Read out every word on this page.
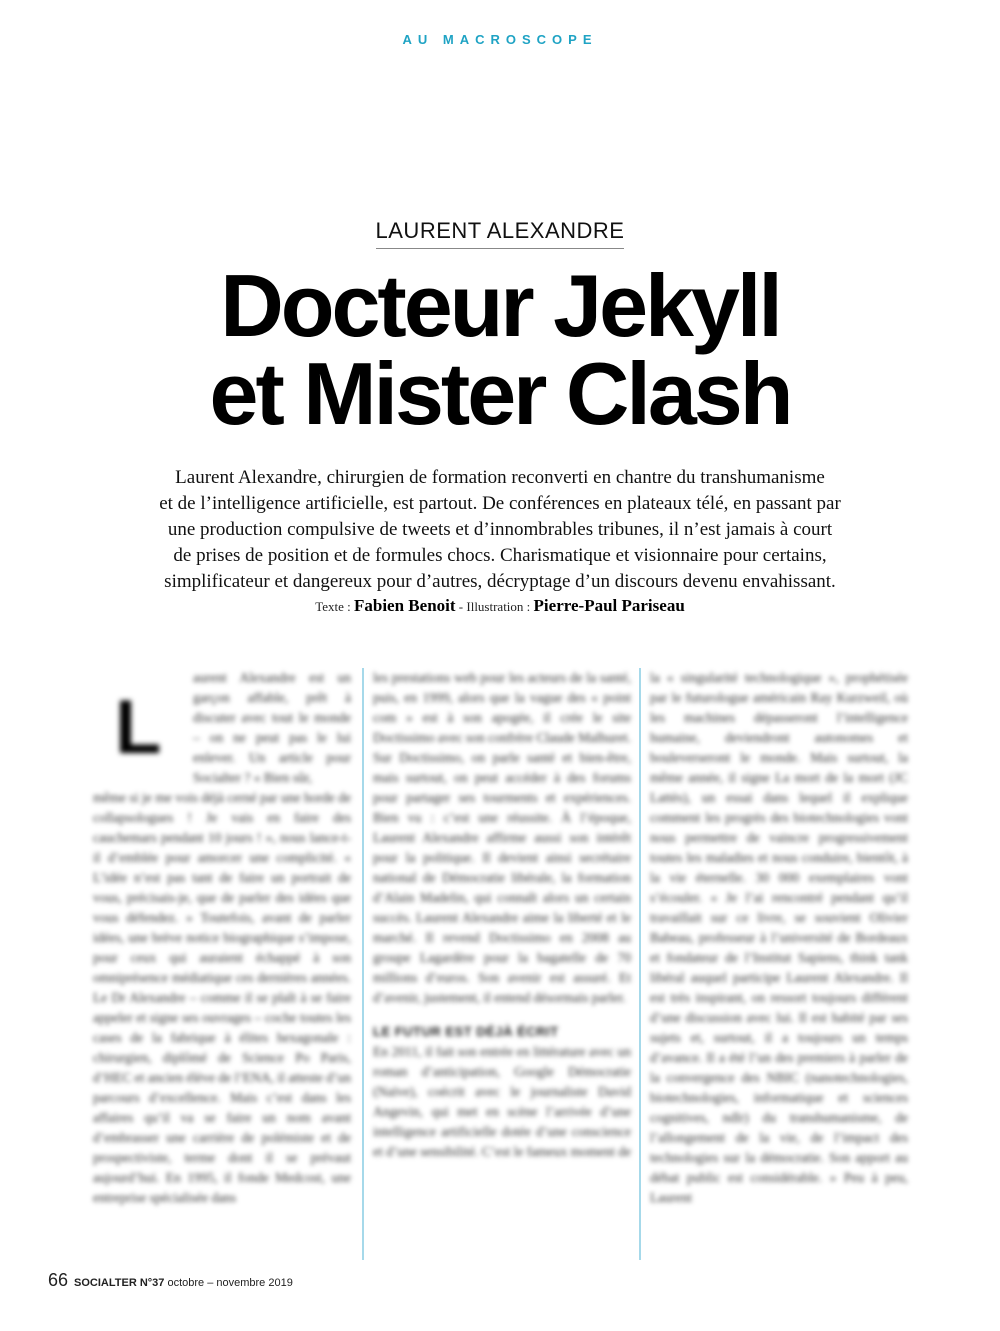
AU MACROSCOPE
LAURENT ALEXANDRE
Docteur Jekyll
et Mister Clash
Laurent Alexandre, chirurgien de formation reconverti en chantre du transhumanisme
et de l’intelligence artificielle, est partout. De conférences en plateaux télé, en passant par
une production compulsive de tweets et d’innombrables tribunes, il n’est jamais à court
de prises de position et de formules chocs. Charismatique et visionnaire pour certains,
simplificateur et dangereux pour d’autres, décryptage d’un discours devenu envahissant.
Texte : Fabien Benoit - Illustration : Pierre-Paul Pariseau
L
aurent Alexandre est un garçon affable, prêt à discuter avec tout le monde – on ne peut pas le lui enlever. Un article pour Socialter ? « Bien sûr,
même si je me vois déjà cerné par une horde de collapsologues ! Je vais en faire des cauchemars pendant 10 jours ! », nous lance-t-il d’emblée pour amorcer une complicité. « L’idée n’est pas tant de faire un portrait de vous, précisais-je, que de parler des idées que vous défendez. » Toutefois, avant de parler idées, une brève notice biographique s’impose, pour ceux qui auraient échappé à son omniprésence médiatique ces dernières années. Le Dr Alexandre – comme il se plaît à se faire appeler et signe ses ouvrages – coche toutes les cases de la fabrique à élites hexagonale : chirurgien, diplômé de Science Po Paris, d’HEC et ancien élève de l’ENA, il atteste d’un parcours d’excellence. Mais c’est dans les affaires qu’il va se faire un nom avant d’embrasser une carrière de polémiste et de prospectiviste, terme dont il se prévaut aujourd’hui. En 1995, il fonde Medcost, une entreprise spécialisée dans
les prestations web pour les acteurs de la santé, puis, en 1999, alors que la vague des « point com » est à son apogée, il crée le site Doctissimo avec son confrère Claude Malhuret. Sur Doctissimo, on parle santé et bien-être, mais surtout, on peut accéder à des forums pour partager ses tourments et expériences. Bien vu : c’est une réussite. À l’époque, Laurent Alexandre affirme aussi son intérêt pour la politique. Il devient ainsi secrétaire national de Démocratie libérale, la formation d’Alain Madelin, qui connaît alors un certain succès. Laurent Alexandre aime la liberté et le marché. Il revend Doctissimo en 2008 au groupe Lagardère pour la bagatelle de 70 millions d’euros. Son avenir est assuré. Et d’avenir, justement, il entend désormais parler.
LE FUTUR EST DÉJÀ ÉCRIT
En 2011, il fait son entrée en littérature avec un roman d’anticipation, Google Démocratie (Naïve), coécrit avec le journaliste David Angevin, qui met en scène l’arrivée d’une intelligence artificielle dotée d’une conscience et d’une sensibilité. C’est le fameux moment de
la « singularité technologique », prophétisée par le futurologue américain Ray Kurzweil, où les machines dépasseront l’intelligence humaine, deviendront autonomes et bouleverseront le monde. Mais surtout, la même année, il signe La mort de la mort (JC Lattès), un essai dans lequel il explique comment les progrès des biotechnologies vont nous permettre de vaincre progressivement toutes les maladies et nous conduire, bientôt, à la vie éternelle. 30 000 exemplaires vont s’écouler. « Je l’ai rencontré pendant qu’il travaillait sur ce livre, se souvient Olivier Babeau, professeur à l’université de Bordeaux et fondateur de l’Institut Sapiens, think tank libéral auquel participe Laurent Alexandre. Il est très inspirant, on ressort toujours différent d’une discussion avec lui. Il est habité par ses sujets et, surtout, il a toujours un temps d’avance. Il a été l’un des premiers à parler de la convergence des NBIC (nanotechnologies, biotechnologies, informatique et sciences cognitives, ndlr) du transhumanisme, de l’allongement de la vie, de l’impact des technologies sur la démocratie. Son apport au débat public est considérable. » Peu à peu, Laurent
66 SOCIALTER N°37 octobre – novembre 2019
